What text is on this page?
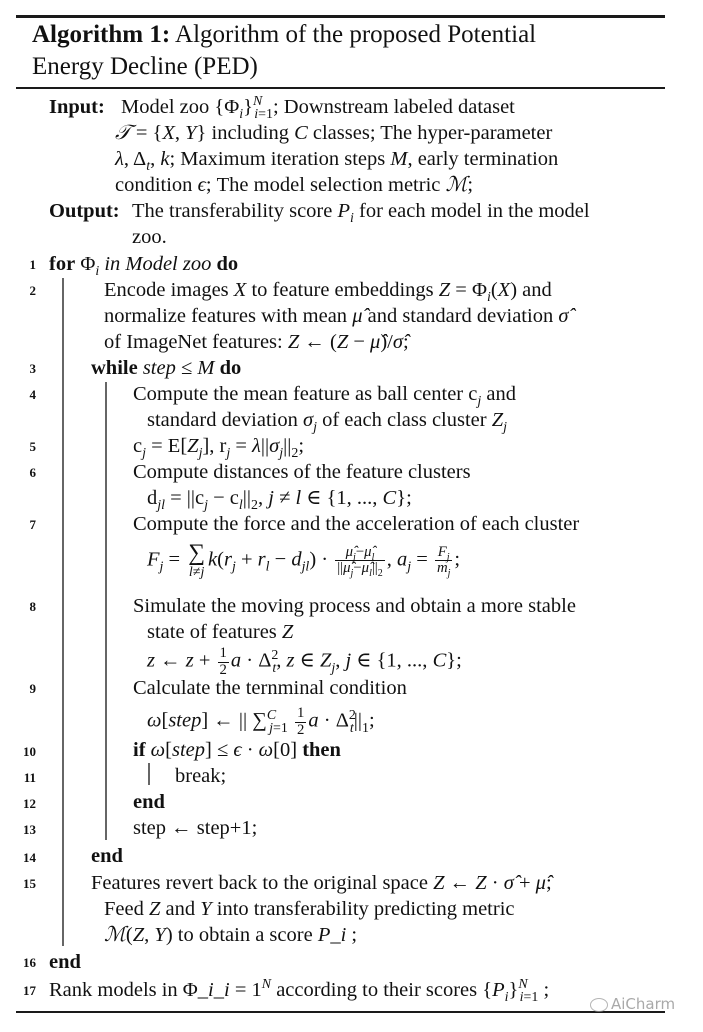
Algorithm 1: Algorithm of the proposed Potential
Energy Decline (PED)
Input: Model zoo $\{\Phi_i\}^N_{i=1}$; Downstream labeled dataset
𝒯 = {X, Y} including C classes; The hyper-parameter
λ, $\Delta_t$, k; Maximum iteration steps M, early termination
condition ϵ; The model selection metric ℳ;
Output: The transferability score $P_i$ for each model in the model
zoo.
1
2
3
4
5
6
7
8
9
10
11
12
13
14
15
16
17
for $\Phi_i$ in Model zoo do
Encode images X to feature embeddings $Z = \Phi_i(X)$ and
normalize features with mean μ̂ and standard deviation σ̂
of ImageNet features: Z ← (Z − μ̂)/σ̂;
while step ≤ M do
Compute the mean feature as ball center $c_j$ and
standard deviation $\sigma_j$ of each class cluster $Z_j$
$c_j = E[Z_j]$, $r_j = \lambda||\sigma_j||_2$;
Compute distances of the feature clusters
$d_{jl} = ||c_j - c_l||_2$, j ≠ l ∈ {1, ..., C};
Compute the force and the acceleration of each cluster
$F_j$ = ∑
l≠j
$k(r_j + r_l - d_{jl}) \cdot \frac{\mû_j-\mû_l}{||\mû_j-\mû_l||_2}$ , $a_j = \frac{F_j}{m_j}$ ;
Simulate the moving process and obtain a more stable
state of features Z
z ← $z + \frac{1}{2}$ $a \cdot \Delta^2_t$, z ∈ $Z_j$, j ∈ {1, ..., C};
Calculate the ternminal condition
ω[step] ← || $\sum^C_{j=1} \frac{1}{2}$ $a \cdot \Delta^2_t||_1$;
if ω[step] ≤ ϵ · ω[0] then
break;
end
step ← step+1;
end
Features revert back to the original space Z ← Z · σ̂ + μ̂;
Feed Z and Y into transferability predicting metric
ℳ(Z, Y) to obtain a score P_i ;
end
Rank models in Φ_i_i = $1^N$ according to their scores $\{P_i\}^N_{i=1}$ ;
AiCharm
